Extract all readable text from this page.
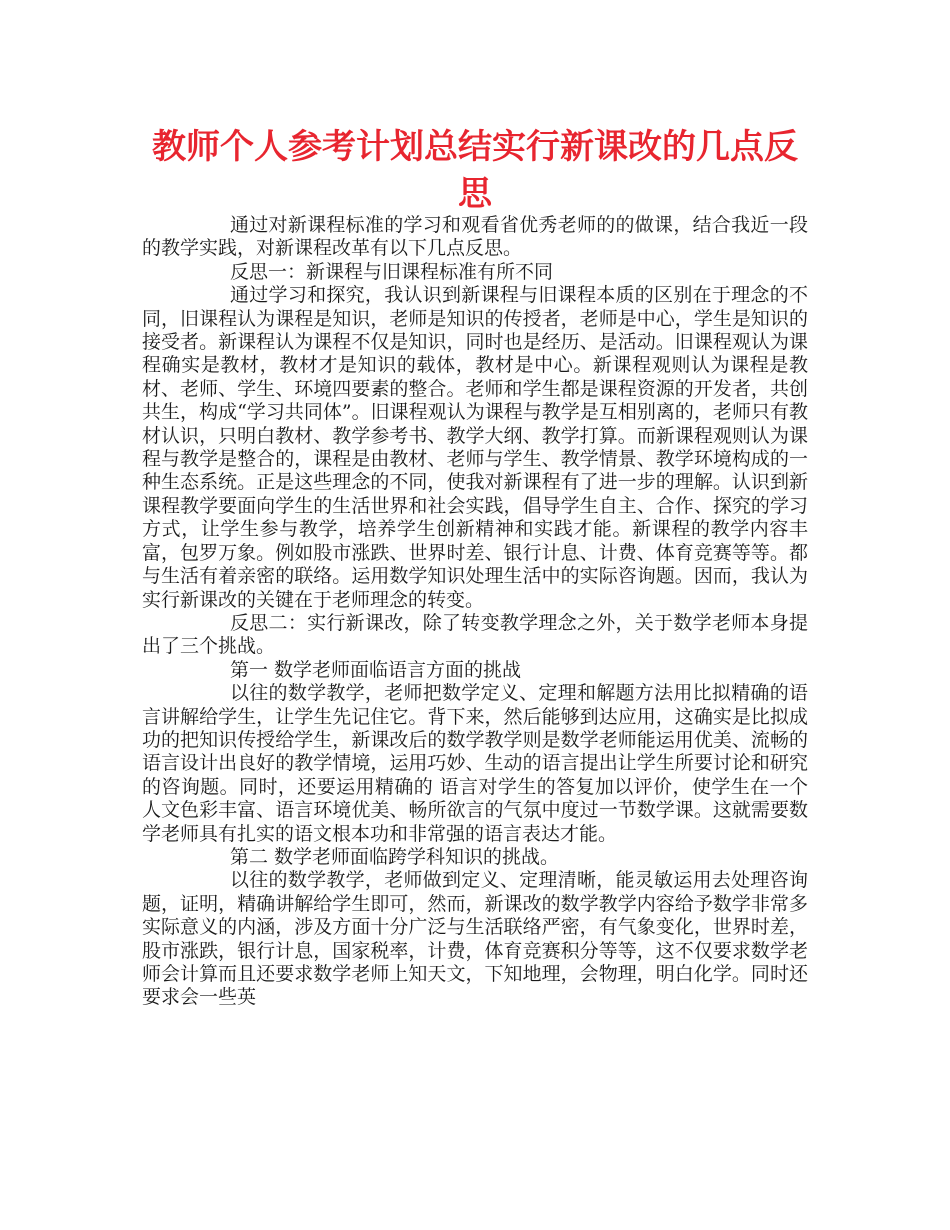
教师个人参考计划总结实行新课改的几点反思

通过对新课程标准的学习和观看省优秀老师的的做课，结合我近一段的教学实践，对新课程改革有以下几点反思。

反思一：新课程与旧课程标准有所不同

通过学习和探究，我认识到新课程与旧课程本质的区别在于理念的不同，旧课程认为课程是知识，老师是知识的传授者，老师是中心，学生是知识的接受者。新课程认为课程不仅是知识，同时也是经历、是活动。旧课程观认为课程确实是教材，教材才是知识的载体，教材是中心。新课程观则认为课程是教材、老师、学生、环境四要素的整合。老师和学生都是课程资源的开发者，共创共生，构成“学习共同体”。旧课程观认为课程与教学是互相别离的，老师只有教材认识，只明白教材、教学参考书、教学大纲、教学打算。而新课程观则认为课程与教学是整合的，课程是由教材、老师与学生、教学情景、教学环境构成的一种生态系统。正是这些理念的不同，使我对新课程有了进一步的理解。认识到新课程教学要面向学生的生活世界和社会实践，倡导学生自主、合作、探究的学习方式，让学生参与教学，培养学生创新精神和实践才能。新课程的教学内容丰富，包罗万象。例如股市涨跌、世界时差、银行计息、计费、体育竞赛等等。都与生活有着亲密的联络。运用数学知识处理生活中的实际咨询题。因而，我认为实行新课改的关键在于老师理念的转变。

反思二：实行新课改，除了转变教学理念之外，关于数学老师本身提出了三个挑战。

第一 数学老师面临语言方面的挑战

以往的数学教学，老师把数学定义、定理和解题方法用比拟精确的语言讲解给学生，让学生先记住它。背下来，然后能够到达应用，这确实是比拟成功的把知识传授给学生，新课改后的数学教学则是数学老师能运用优美、流畅的语言设计出良好的教学情境，运用巧妙、生动的语言提出让学生所要讨论和研究的咨询题。同时，还要运用精确的 语言对学生的答复加以评价，使学生在一个人文色彩丰富、语言环境优美、畅所欲言的气氛中度过一节数学课。这就需要数学老师具有扎实的语文根本功和非常强的语言表达才能。

第二 数学老师面临跨学科知识的挑战。

以往的数学教学，老师做到定义、定理清晰，能灵敏运用去处理咨询题，证明，精确讲解给学生即可，然而，新课改的数学教学内容给予数学非常多实际意义的内涵，涉及方面十分广泛与生活联络严密，有气象变化，世界时差，股市涨跌，银行计息，国家税率，计费，体育竞赛积分等等，这不仅要求数学老师会计算而且还要求数学老师上知天文，下知地理，会物理，明白化学。同时还要求会一些英
